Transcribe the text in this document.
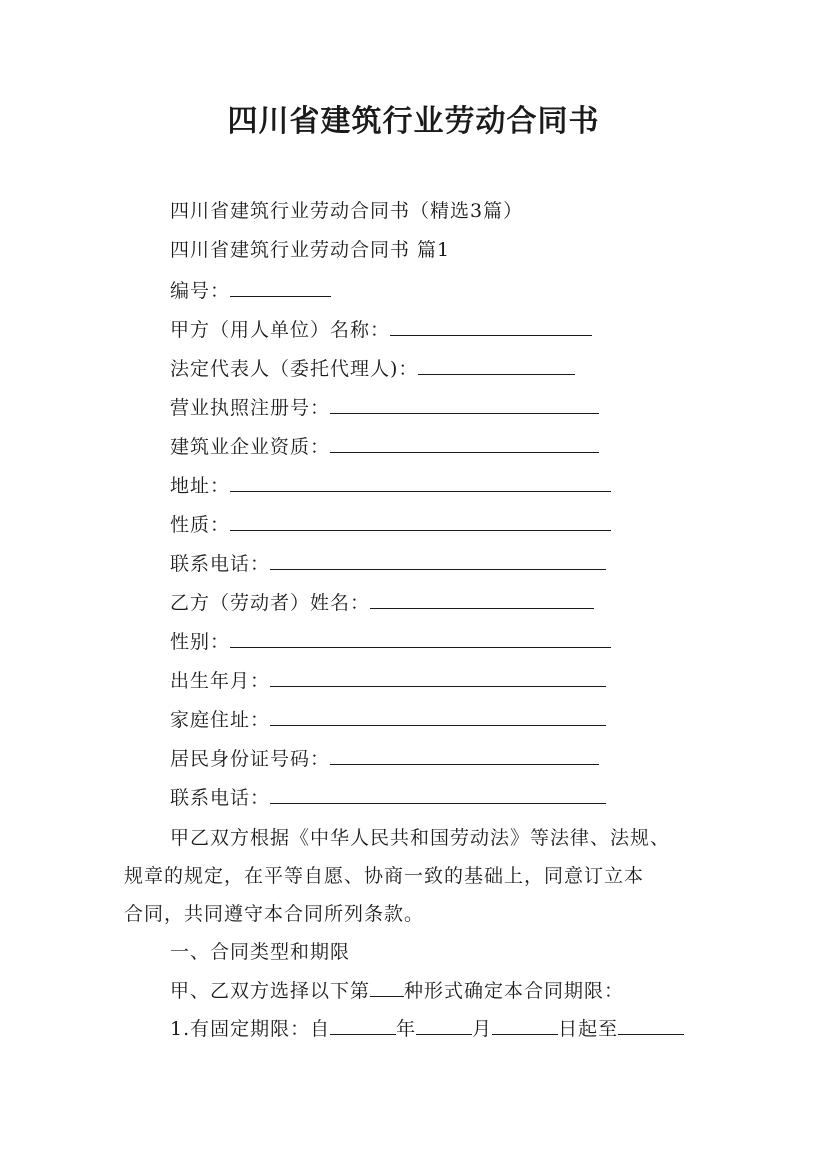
四川省建筑行业劳动合同书
四川省建筑行业劳动合同书（精选3篇）
四川省建筑行业劳动合同书 篇1
编号：
甲方（用人单位）名称：
法定代表人（委托代理人)：
营业执照注册号：
建筑业企业资质：
地址：
性质：
联系电话：
乙方（劳动者）姓名：
性别：
出生年月：
家庭住址：
居民身份证号码：
联系电话：
甲乙双方根据《中华人民共和国劳动法》等法律、法规、
规章的规定，在平等自愿、协商一致的基础上，同意订立本
合同，共同遵守本合同所列条款。
一、合同类型和期限
甲、乙双方选择以下第 种形式确定本合同期限：
1.有固定期限：自	年	月	日起至
